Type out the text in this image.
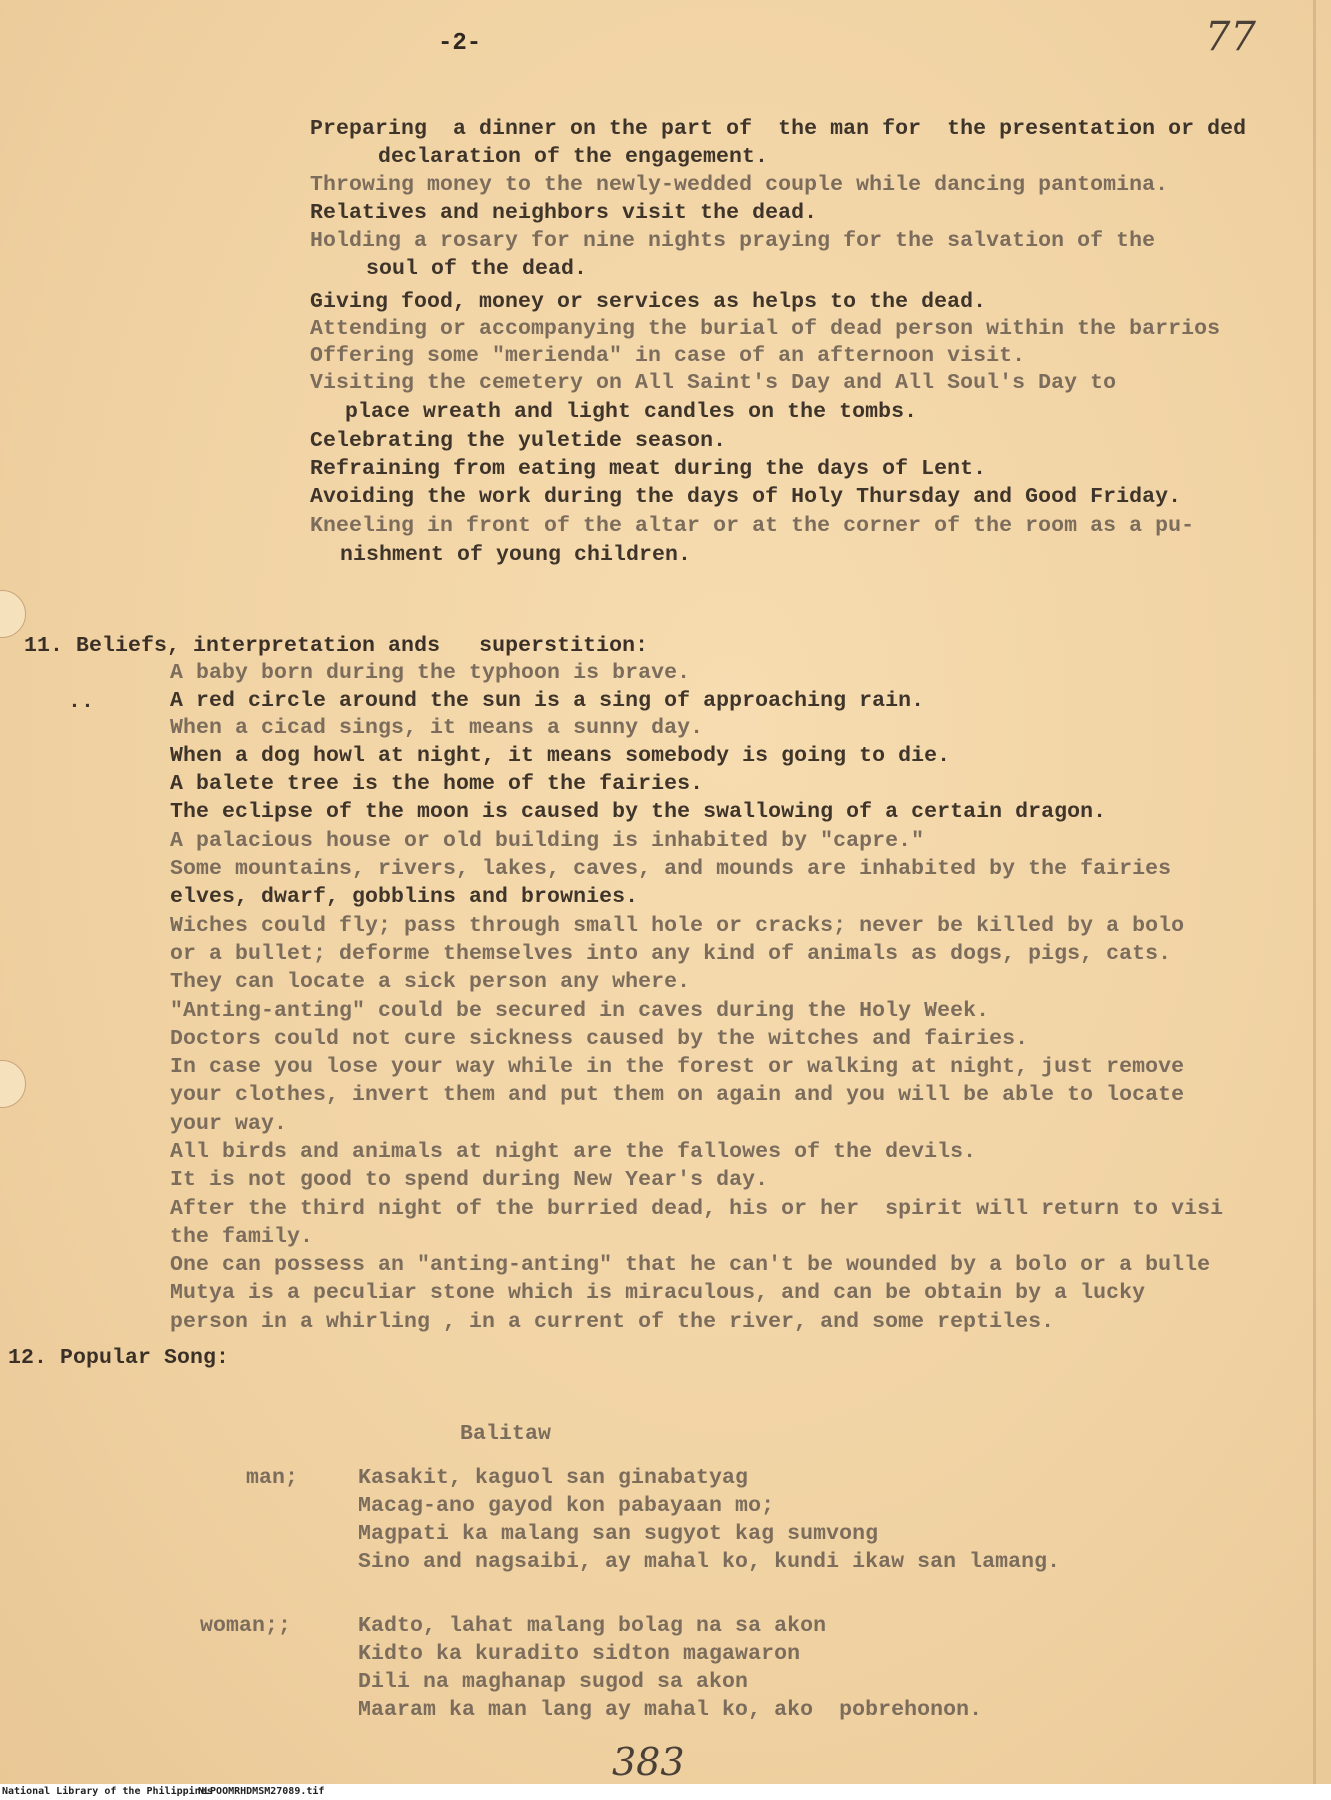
-2-	77
383
Preparing  a dinner on the part of  the man for  the presentation or ded
declaration of the engagement.
Throwing money to the newly-wedded couple while dancing pantomina.
Relatives and neighbors visit the dead.
Holding a rosary for nine nights praying for the salvation of the
soul of the dead.
Giving food, money or services as helps to the dead.
Attending or accompanying the burial of dead person within the barrios
Offering some "merienda" in case of an afternoon visit.
Visiting the cemetery on All Saint's Day and All Soul's Day to
place wreath and light candles on the tombs.
Celebrating the yuletide season.
Refraining from eating meat during the days of Lent.
Avoiding the work during the days of Holy Thursday and Good Friday.
Kneeling in front of the altar or at the corner of the room as a pu-
nishment of young children.
11. Beliefs, interpretation ands   superstition:
..
A baby born during the typhoon is brave.
A red circle around the sun is a sing of approaching rain.
When a cicad sings, it means a sunny day.
When a dog howl at night, it means somebody is going to die.
A balete tree is the home of the fairies.
The eclipse of the moon is caused by the swallowing of a certain dragon.
A palacious house or old building is inhabited by "capre."
Some mountains, rivers, lakes, caves, and mounds are inhabited by the fairies
elves, dwarf, gobblins and brownies.
Wiches could fly; pass through small hole or cracks; never be killed by a bolo
or a bullet; deforme themselves into any kind of animals as dogs, pigs, cats.
They can locate a sick person any where.
"Anting-anting" could be secured in caves during the Holy Week.
Doctors could not cure sickness caused by the witches and fairies.
In case you lose your way while in the forest or walking at night, just remove
your clothes, invert them and put them on again and you will be able to locate
your way.
All birds and animals at night are the fallowes of the devils.
It is not good to spend during New Year's day.
After the third night of the burried dead, his or her  spirit will return to visi
the family.
One can possess an "anting-anting" that he can't be wounded by a bolo or a bulle
Mutya is a peculiar stone which is miraculous, and can be obtain by a lucky
person in a whirling , in a current of the river, and some reptiles.
12. Popular Song:
Balitaw
man;	Kasakit, kaguol san ginabatyag
Macag-ano gayod kon pabayaan mo;
Magpati ka malang san sugyot kag sumvong
Sino and nagsaibi, ay mahal ko, kundi ikaw san lamang.
woman;;	Kadto, lahat malang bolag na sa akon
Kidto ka kuradito sidton magawaron
Dili na maghanap sugod sa akon
Maaram ka man lang ay mahal ko, ako  pobrehonon.
National Library of the Philippines
NLPOOMRHDMSM27089.tif
